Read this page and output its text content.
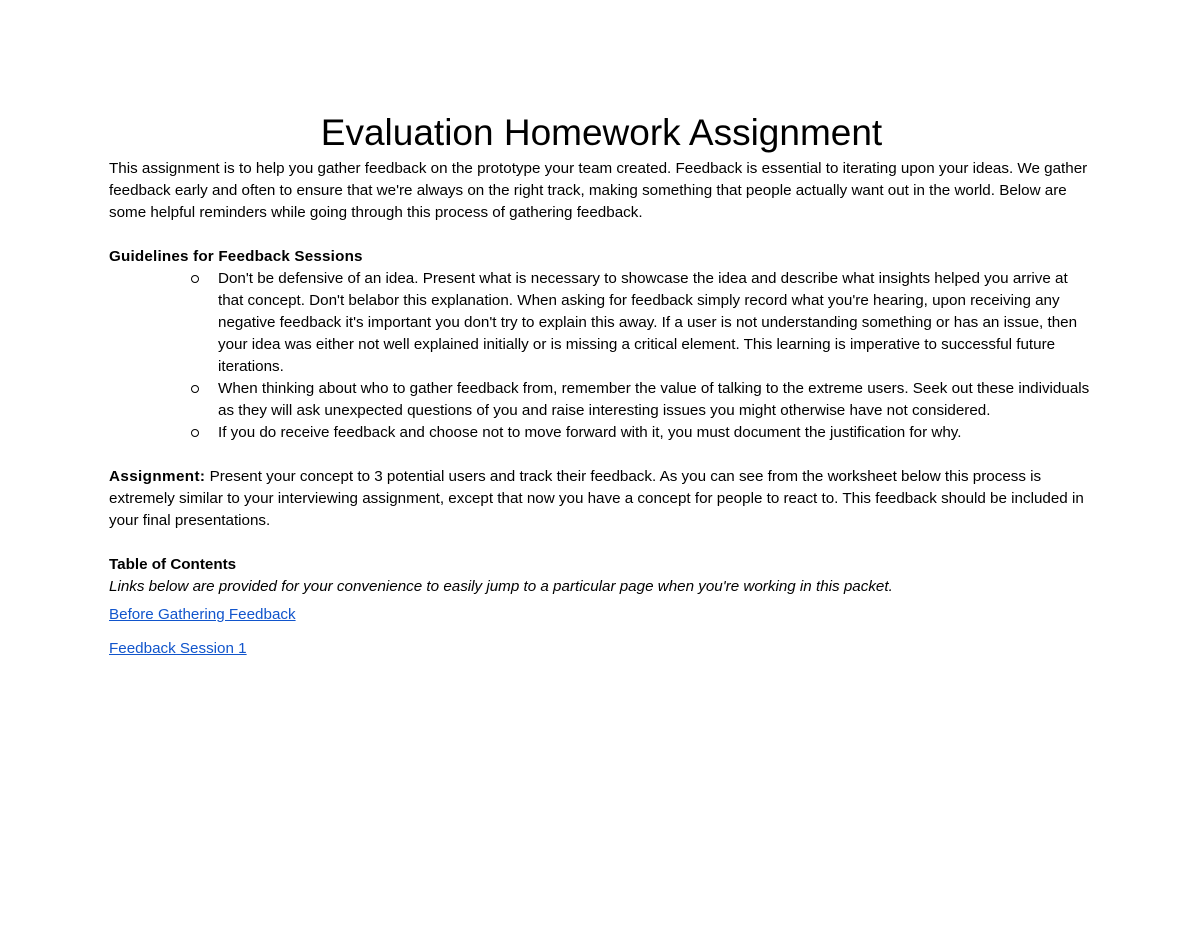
Evaluation Homework Assignment

This assignment is to help you gather feedback on the prototype your team created. Feedback is essential to iterating upon your ideas. We gather feedback early and often to ensure that we're always on the right track, making something that people actually want out in the world. Below are some helpful reminders while going through this process of gathering feedback.

Guidelines for Feedback Sessions
Don't be defensive of an idea. Present what is necessary to showcase the idea and describe what insights helped you arrive at that concept. Don't belabor this explanation. When asking for feedback simply record what you're hearing, upon receiving any negative feedback it's important you don't try to explain this away. If a user is not understanding something or has an issue, then your idea was either not well explained initially or is missing a critical element. This learning is imperative to successful future iterations.
When thinking about who to gather feedback from, remember the value of talking to the extreme users. Seek out these individuals as they will ask unexpected questions of you and raise interesting issues you might otherwise have not considered.
If you do receive feedback and choose not to move forward with it, you must document the justification for why.

Assignment: Present your concept to 3 potential users and track their feedback. As you can see from the worksheet below this process is extremely similar to your interviewing assignment, except that now you have a concept for people to react to. This feedback should be included in your final presentations.

Table of Contents
Links below are provided for your convenience to easily jump to a particular page when you're working in this packet.
Before Gathering Feedback
Feedback Session 1
